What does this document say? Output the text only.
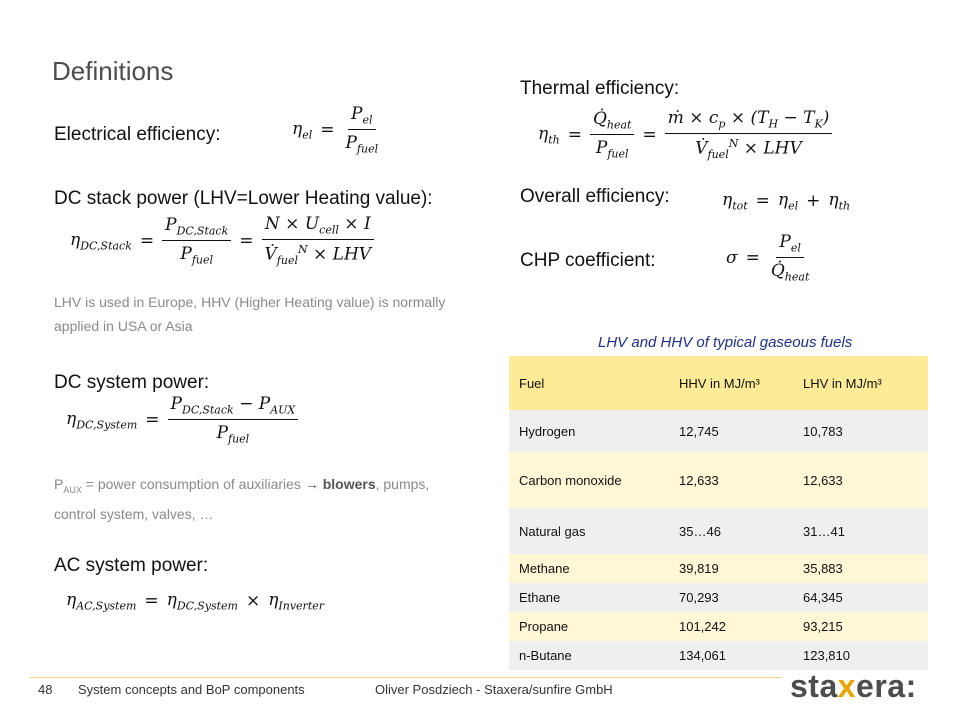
Definitions
Electrical efficiency:	$\eta_{el} = \frac{P_{el}}{P_{fuel}}$
DC stack power (LHV=Lower Heating value):
$\eta_{DC,Stack} = \frac{P_{DC,Stack}}{P_{fuel}} = \frac{N \times U_{cell} \times I}{V̇_{fuel}^N \times LHV}$
LHV is used in Europe, HHV (Higher Heating value) is normally applied in USA or Asia
DC system power:
$\eta_{DC,System} = \frac{P_{DC,Stack} - P_{AUX}}{P_{fuel}}$
$P_{AUX}$ = power consumption of auxiliaries → blowers, pumps, control system, valves, …
AC system power:
$\eta_{AC,System} = \eta_{DC,System} \times \eta_{Inverter}$
Thermal efficiency:
$\eta_{th} = \frac{Q̇_{heat}}{P_{fuel}} = \frac{ṁ \times c_p \times (T_H - T_K)}{V̇_{fuel}^N \times LHV}$
Overall efficiency:	$\eta_{tot} = \eta_{el} + \eta_{th}$
CHP coefficient:	$\sigma = \frac{P_{el}}{Q̇_{heat}}$
LHV and HHV of typical gaseous fuels
Fuel	HHV in MJ/m³	LHV in MJ/m³
Hydrogen	12,745	10,783
Carbon monoxide	12,633	12,633
Natural gas	35…46	31…41
Methane	39,819	35,883
Ethane	70,293	64,345
Propane	101,242	93,215
n-Butane	134,061	123,810
48 System concepts and BoP components	Oliver Posdziech - Staxera/sunfire GmbH	staxera:
